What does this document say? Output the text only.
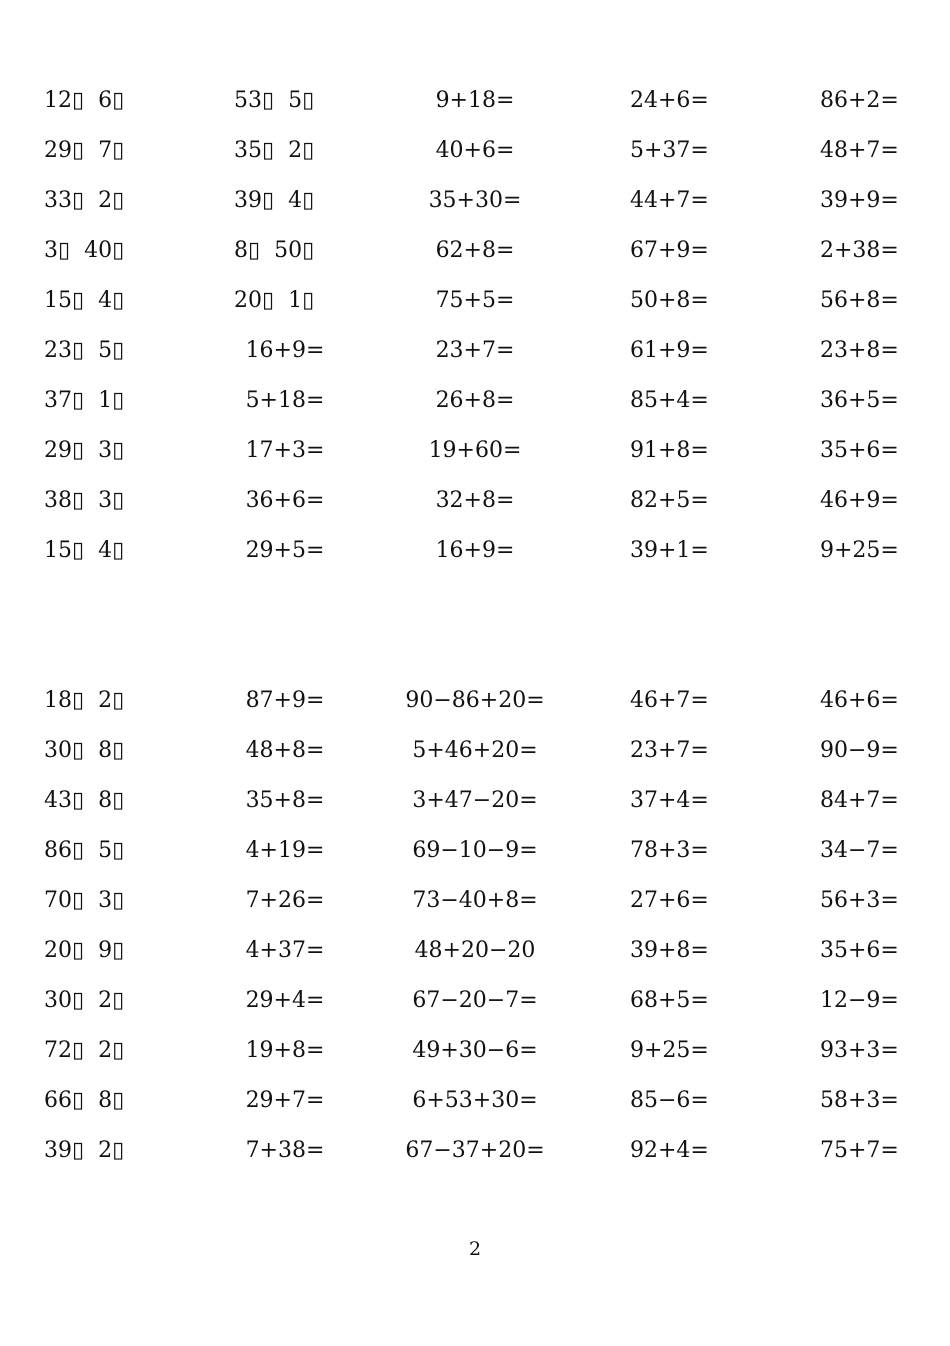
12▯  6▯	53▯  5▯	9+18=	24+6=	86+2=
29▯  7▯	35▯  2▯	40+6=	5+37=	48+7=
33▯  2▯	39▯  4▯	35+30=	44+7=	39+9=
3▯  40▯	8▯  50▯	62+8=	67+9=	2+38=
15▯  4▯	20▯  1▯	75+5=	50+8=	56+8=
23▯  5▯	16+9=	23+7=	61+9=	23+8=
37▯  1▯	5+18=	26+8=	85+4=	36+5=
29▯  3▯	17+3=	19+60=	91+8=	35+6=
38▯  3▯	36+6=	32+8=	82+5=	46+9=
15▯  4▯	29+5=	16+9=	39+1=	9+25=
18▯  2▯	87+9=	90−86+20=	46+7=	46+6=
30▯  8▯	48+8=	5+46+20=	23+7=	90−9=
43▯  8▯	35+8=	3+47−20=	37+4=	84+7=
86▯  5▯	4+19=	69−10−9=	78+3=	34−7=
70▯  3▯	7+26=	73−40+8=	27+6=	56+3=
20▯  9▯	4+37=	48+20−20	39+8=	35+6=
30▯  2▯	29+4=	67−20−7=	68+5=	12−9=
72▯  2▯	19+8=	49+30−6=	9+25=	93+3=
66▯  8▯	29+7=	6+53+30=	85−6=	58+3=
39▯  2▯	7+38=	67−37+20=	92+4=	75+7=
2
